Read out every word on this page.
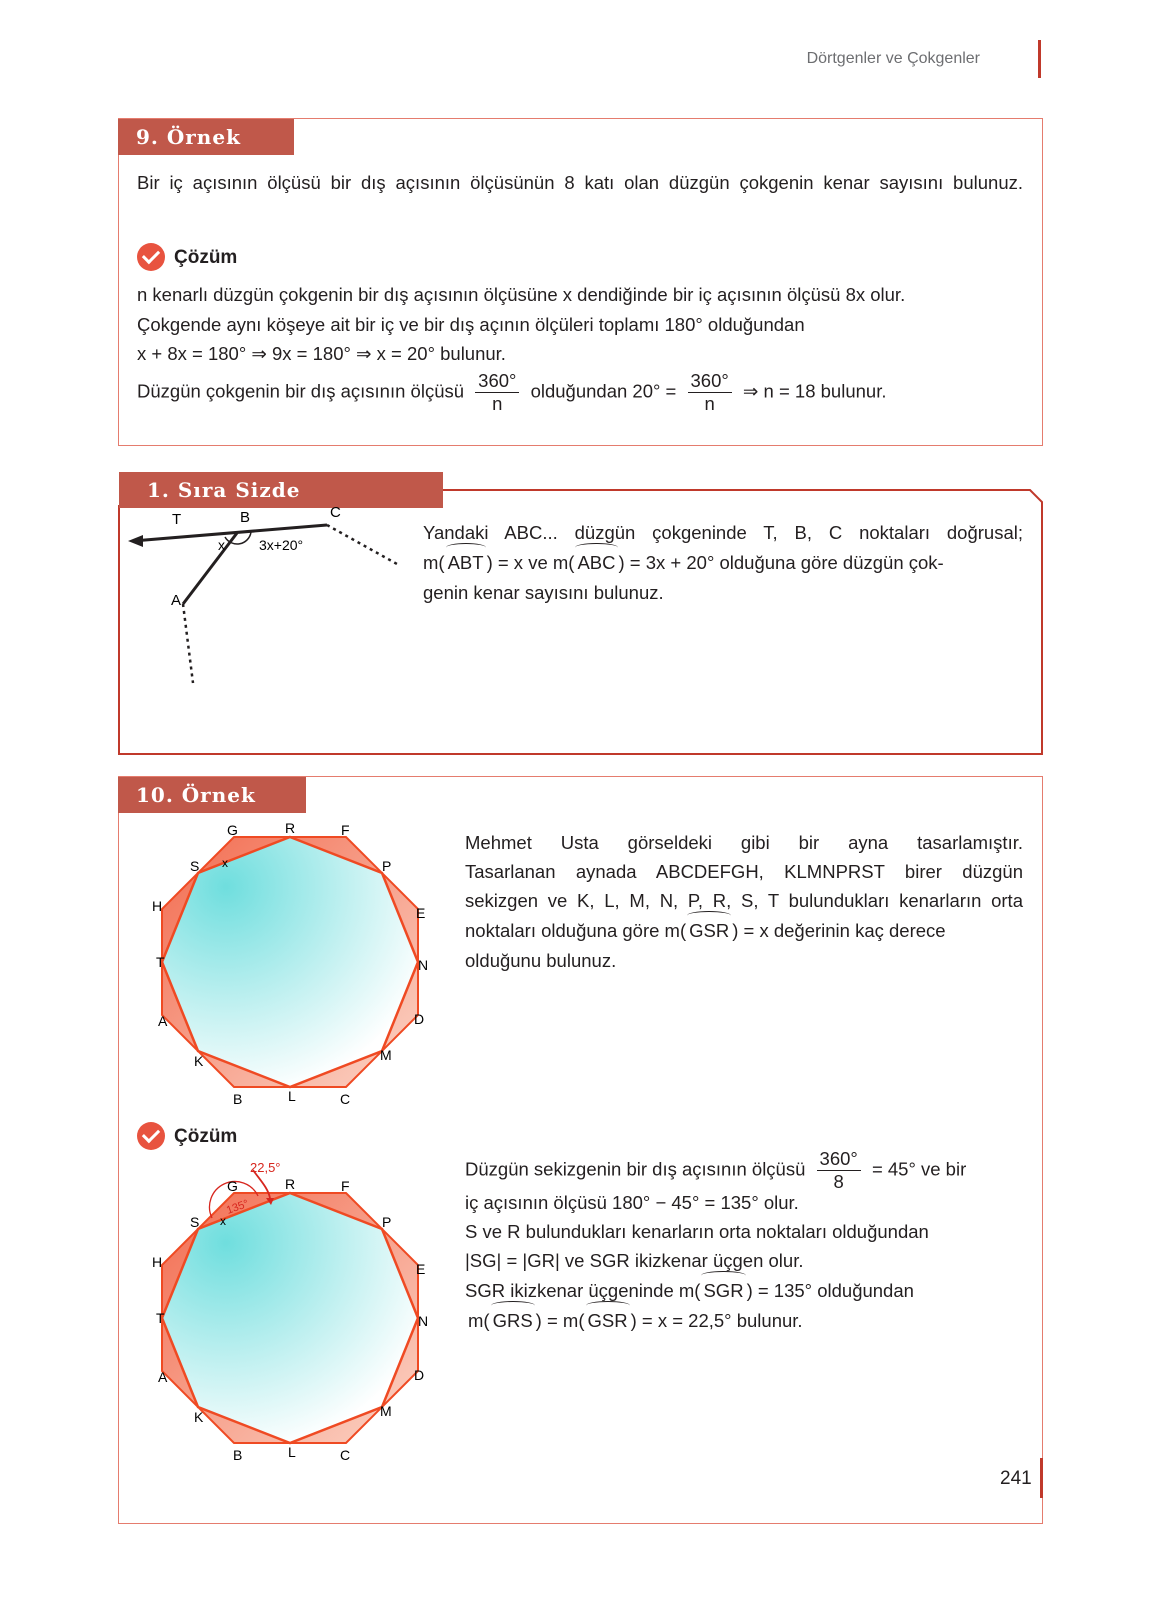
Dörtgenler ve Çokgenler
9. Örnek
Bir iç açısının ölçüsü bir dış açısının ölçüsünün 8 katı olan düzgün çokgenin kenar sayısını bulunuz.
Çözüm
n kenarlı düzgün çokgenin bir dış açısının ölçüsüne x dendiğinde bir iç açısının ölçüsü 8x olur.
Çokgende aynı köşeye ait bir iç ve bir dış açının ölçüleri toplamı 180° olduğundan
x + 8x = 180° ⇒ 9x = 180° ⇒ x = 20° bulunur.
Düzgün çokgenin bir dış açısının ölçüsü $\frac{360^\circ}{n}$ olduğundan $20^\circ = \frac{360^\circ}{n}$ ⇒ n = 18 bulunur.
1. Sıra Sizde
T	B	C
A
x 3x+20°
Yandaki ABC... düzgün çokgeninde T, B, C noktaları doğrusal;
m( ABT ) = x ve m( ABC ) = 3x + 20° olduğuna göre düzgün çok-
genin kenar sayısını bulunuz.
10. Örnek
G	R	F
S x	P
H	E
T	N
A	D
K	M
B	L	C
Mehmet Usta görseldeki gibi bir ayna tasarlamıştır.
Tasarlanan aynada ABCDEFGH, KLMNPRST birer düzgün
sekizgen ve K, L, M, N, P, R, S, T bulundukları kenarların orta
noktaları olduğuna göre m( GSR ) = x değerinin kaç derece
olduğunu bulunuz.
Çözüm
22,5°
135°
G	R	F
S x	P
H	E
T	N
A	D
K	M
B	L	C
Düzgün sekizgenin bir dış açısının ölçüsü $\frac{360^\circ}{8} = 45^\circ$ ve bir
iç açısının ölçüsü 180° − 45° = 135° olur.
S ve R bulundukları kenarların orta noktaları olduğundan
|SG| = |GR| ve SGR ikizkenar üçgen olur.
SGR ikizkenar üçgeninde m( SGR ) = 135° olduğundan
m( GRS ) = m( GSR ) = x = 22,5° bulunur.
241
